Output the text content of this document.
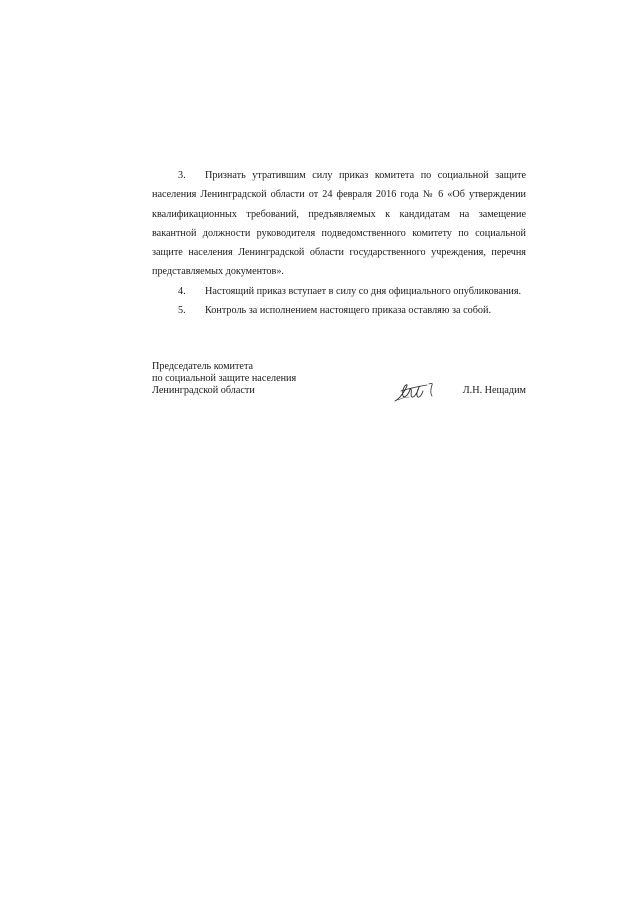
3. Признать утратившим силу приказ комитета по социальной защите населения Ленинградской области от 24 февраля 2016 года № 6 «Об утверждении квалификационных требований, предъявляемых к кандидатам на замещение вакантной должности руководителя подведомственного комитету по социальной защите населения Ленинградской области государственного учреждения, перечня представляемых документов».

4. Настоящий приказ вступает в силу со дня официального опубликования.

5. Контроль за исполнением настоящего приказа оставляю за собой.

Председатель комитета
по социальной защите населения
Ленинградской области	Л.Н. Нещадим
